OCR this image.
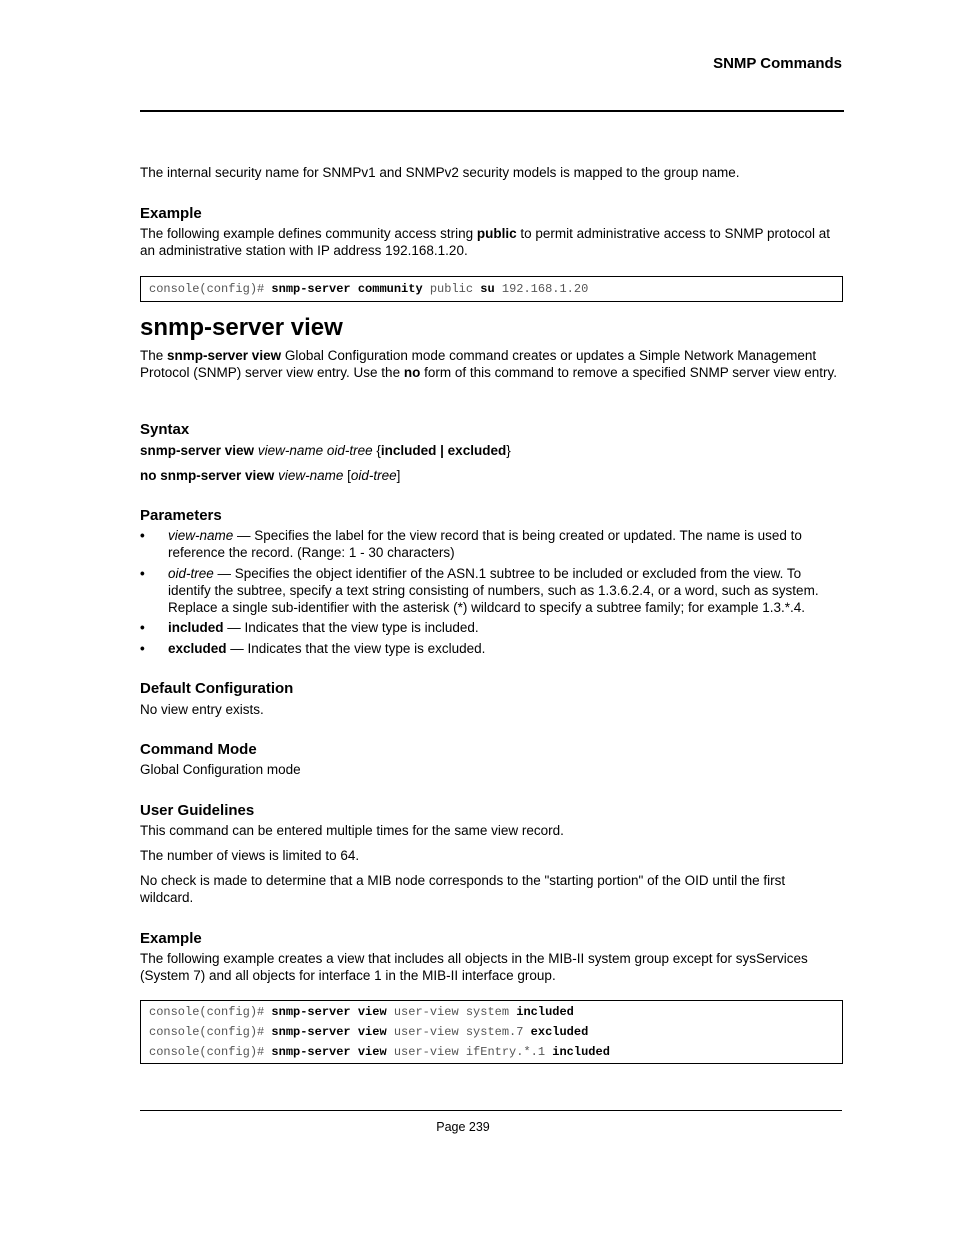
SNMP Commands

The internal security name for SNMPv1 and SNMPv2 security models is mapped to the group name.

Example

The following example defines community access string public to permit administrative access to SNMP protocol at an administrative station with IP address 192.168.1.20.

console(config)# snmp-server community public su 192.168.1.20
snmp-server view

The snmp-server view Global Configuration mode command creates or updates a Simple Network Management Protocol (SNMP) server view entry. Use the no form of this command to remove a specified SNMP server view entry.

Syntax

snmp-server view view-name oid-tree {included | excluded}

no snmp-server view view-name [oid-tree]

Parameters
• view-name — Specifies the label for the view record that is being created or updated. The name is used to reference the record. (Range: 1 - 30 characters)
• oid-tree — Specifies the object identifier of the ASN.1 subtree to be included or excluded from the view. To identify the subtree, specify a text string consisting of numbers, such as 1.3.6.2.4, or a word, such as system. Replace a single sub-identifier with the asterisk (*) wildcard to specify a subtree family; for example 1.3.*.4.
• included — Indicates that the view type is included.
• excluded — Indicates that the view type is excluded.
Default Configuration

No view entry exists.

Command Mode

Global Configuration mode

User Guidelines

This command can be entered multiple times for the same view record.

The number of views is limited to 64.

No check is made to determine that a MIB node corresponds to the "starting portion" of the OID until the first wildcard.

Example

The following example creates a view that includes all objects in the MIB-II system group except for sysServices (System 7) and all objects for interface 1 in the MIB-II interface group.

console(config)# snmp-server view user-view system included
console(config)# snmp-server view user-view system.7 excluded
console(config)# snmp-server view user-view ifEntry.*.1 included
Page 239
